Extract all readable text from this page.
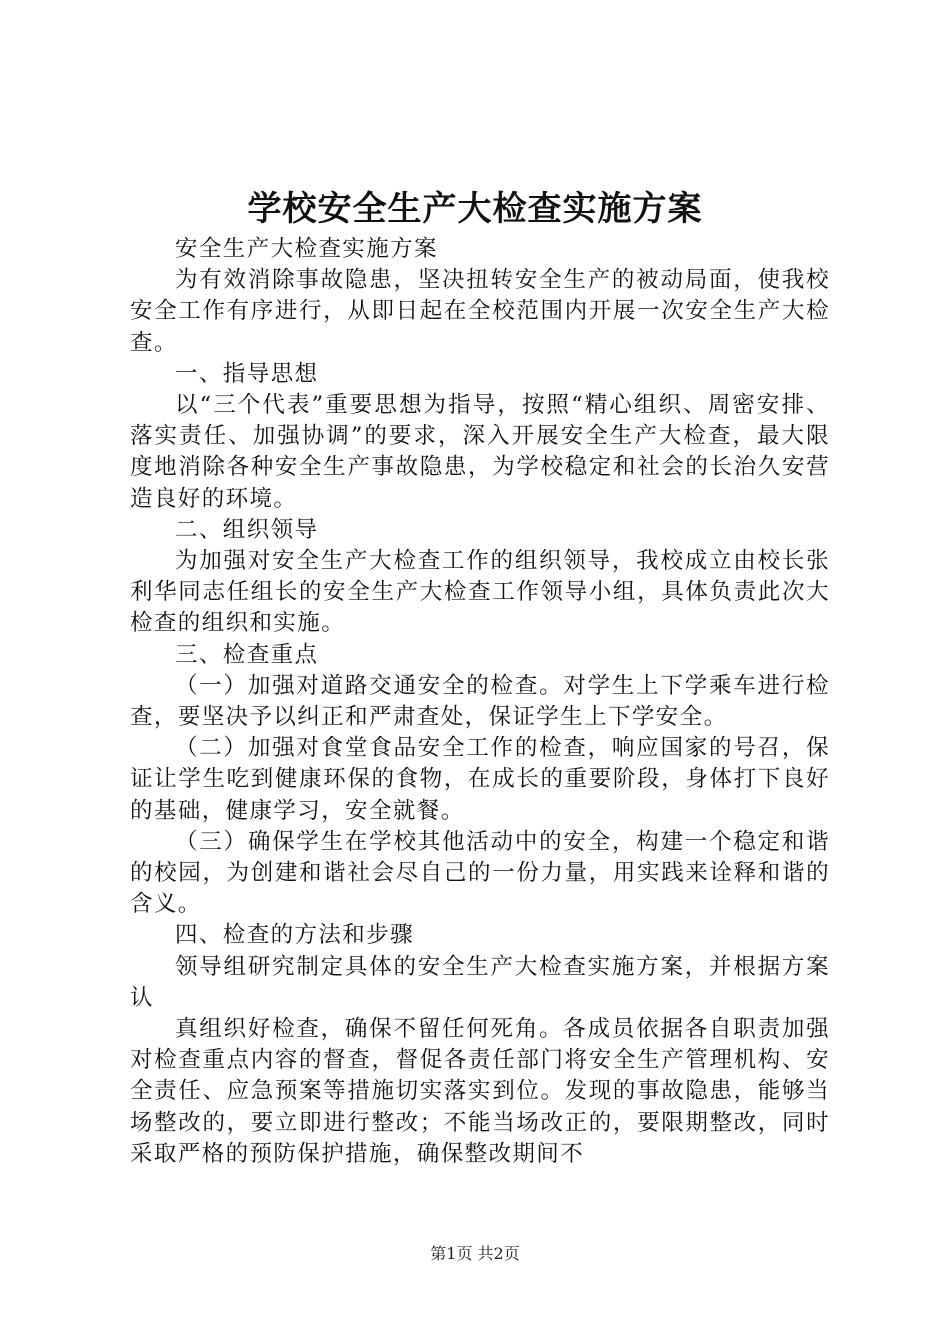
学校安全生产大检查实施方案

安全生产大检查实施方案

为有效消除事故隐患，坚决扭转安全生产的被动局面，使我校安全工作有序进行，从即日起在全校范围内开展一次安全生产大检查。

一、指导思想

以“三个代表”重要思想为指导，按照“精心组织、周密安排、落实责任、加强协调”的要求，深入开展安全生产大检查，最大限度地消除各种安全生产事故隐患，为学校稳定和社会的长治久安营造良好的环境。

二、组织领导

为加强对安全生产大检查工作的组织领导，我校成立由校长张利华同志任组长的安全生产大检查工作领导小组，具体负责此次大检查的组织和实施。

三、检查重点

（一）加强对道路交通安全的检查。对学生上下学乘车进行检查，要坚决予以纠正和严肃查处，保证学生上下学安全。

（二）加强对食堂食品安全工作的检查，响应国家的号召，保证让学生吃到健康环保的食物，在成长的重要阶段，身体打下良好的基础，健康学习，安全就餐。

（三）确保学生在学校其他活动中的安全，构建一个稳定和谐的校园，为创建和谐社会尽自己的一份力量，用实践来诠释和谐的含义。

四、检查的方法和步骤

领导组研究制定具体的安全生产大检查实施方案，并根据方案认

真组织好检查，确保不留任何死角。各成员依据各自职责加强对检查重点内容的督查，督促各责任部门将安全生产管理机构、安全责任、应急预案等措施切实落实到位。发现的事故隐患，能够当场整改的，要立即进行整改；不能当场改正的，要限期整改，同时采取严格的预防保护措施，确保整改期间不

第1页 共2页
